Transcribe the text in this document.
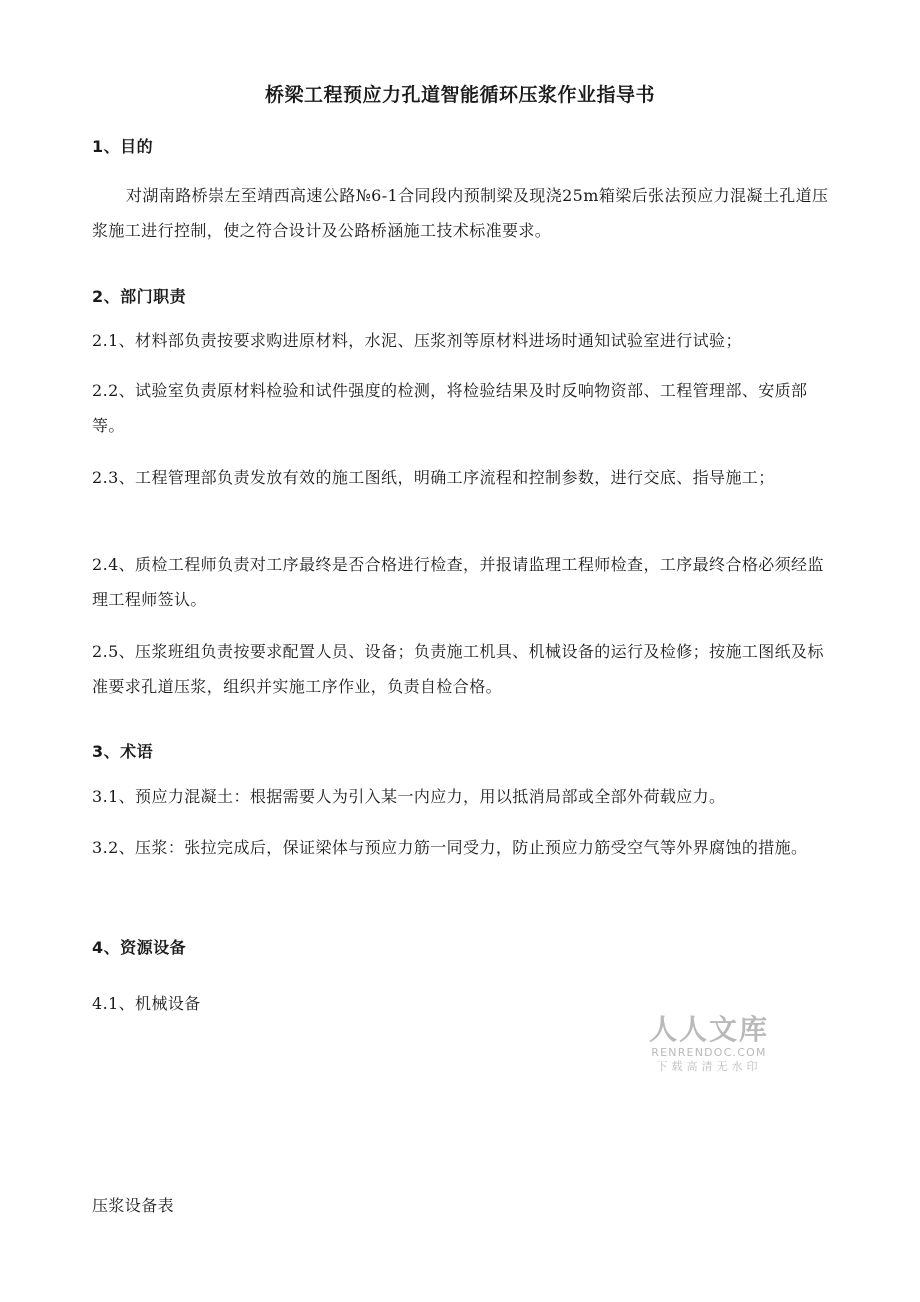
桥梁工程预应力孔道智能循环压浆作业指导书
1、目的
对湖南路桥崇左至靖西高速公路№6-1合同段内预制梁及现浇25m箱梁后张法预应力混凝土孔道压浆施工进行控制，使之符合设计及公路桥涵施工技术标准要求。
2、部门职责
2.1、材料部负责按要求购进原材料，水泥、压浆剂等原材料进场时通知试验室进行试验；
2.2、试验室负责原材料检验和试件强度的检测，将检验结果及时反响物资部、工程管理部、安质部等。
2.3、工程管理部负责发放有效的施工图纸，明确工序流程和控制参数，进行交底、指导施工；
2.4、质检工程师负责对工序最终是否合格进行检查，并报请监理工程师检查，工序最终合格必须经监理工程师签认。
2.5、压浆班组负责按要求配置人员、设备；负责施工机具、机械设备的运行及检修；按施工图纸及标准要求孔道压浆，组织并实施工序作业，负责自检合格。
3、术语
3.1、预应力混凝土：根据需要人为引入某一内应力，用以抵消局部或全部外荷载应力。
3.2、压浆：张拉完成后，保证梁体与预应力筋一同受力，防止预应力筋受空气等外界腐蚀的措施。
4、资源设备
4.1、机械设备
人人文库
RENRENDOC.COM
下载高清无水印
压浆设备表
